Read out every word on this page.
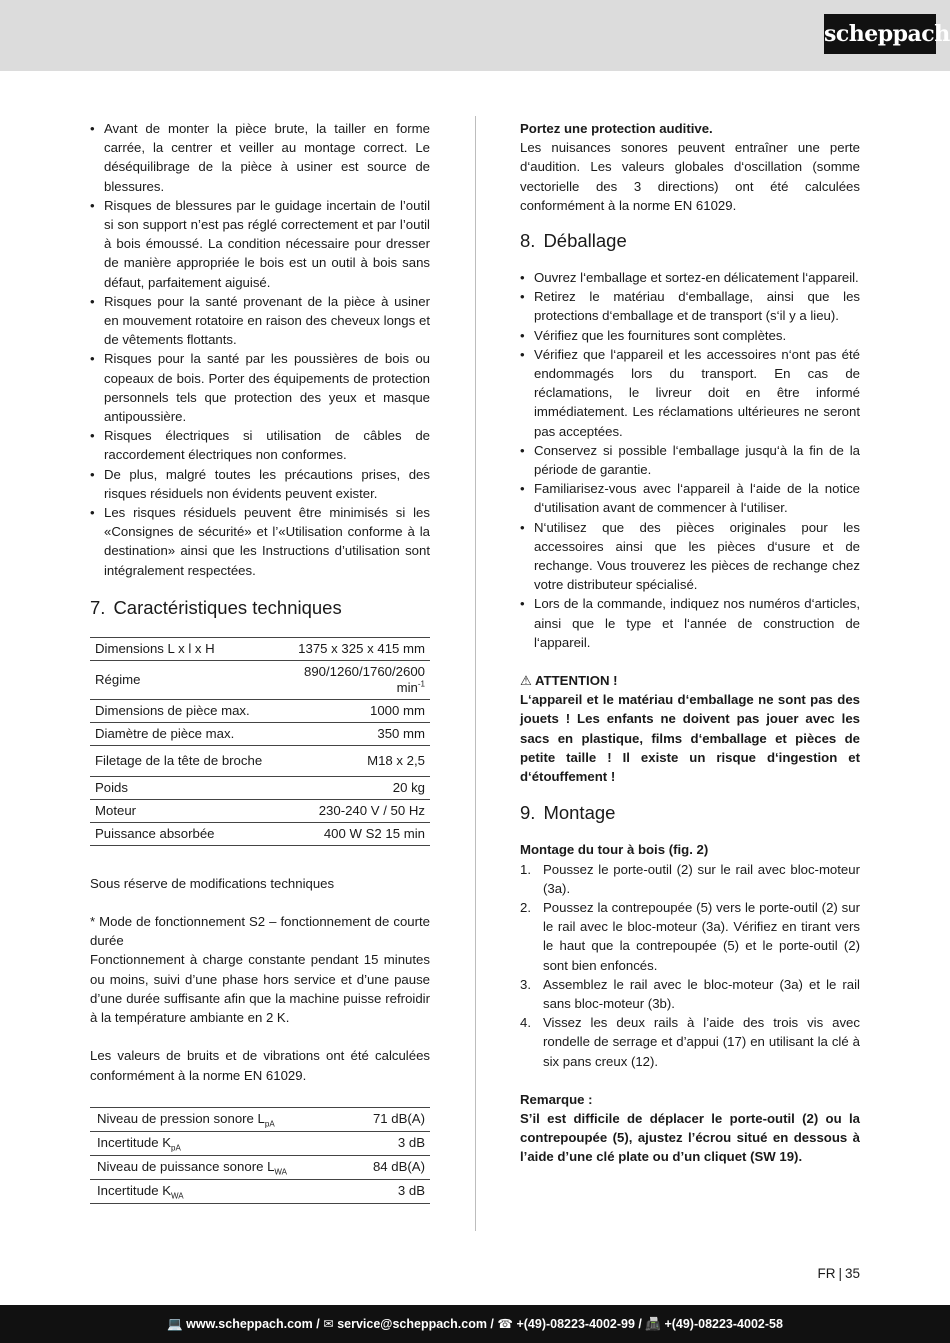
scheppach
• Avant de monter la pièce brute, la tailler en forme carrée, la centrer et veiller au montage correct. Le déséquilibrage de la pièce à usiner est source de blessures.
• Risques de blessures par le guidage incertain de l’outil si son support n’est pas réglé correctement et par l’outil à bois émoussé. La condition nécessaire pour dresser de manière appropriée le bois est un outil à bois sans défaut, parfaitement aiguisé.
• Risques pour la santé provenant de la pièce à usiner en mouvement rotatoire en raison des cheveux longs et de vêtements flottants.
• Risques pour la santé par les poussières de bois ou copeaux de bois. Porter des équipements de protection personnels tels que protection des yeux et masque antipoussière.
• Risques électriques si utilisation de câbles de raccordement électriques non conformes.
• De plus, malgré toutes les précautions prises, des risques résiduels non évidents peuvent exister.
• Les risques résiduels peuvent être minimisés si les «Consignes de sécurité» et l’«Utilisation conforme à la destination» ainsi que les Instructions d’utilisation sont intégralement respectées.
7. Caractéristiques techniques
Dimensions L x l x H	1375 x 325 x 415 mm
Régime	890/1260/1760/2600
$\min^{-1}$
Dimensions de pièce max.	1000 mm
Diamètre de pièce max.	350 mm
Filetage de la tête de broche	M18 x 2,5
Poids	20 kg
Moteur	230-240 V / 50 Hz
Puissance absorbée	400 W S2 15 min

Sous réserve de modifications techniques

* Mode de fonctionnement S2 – fonctionnement de courte durée

Fonctionnement à charge constante pendant 15 minutes ou moins, suivi d’une phase hors service et d’une pause d’une durée suffisante afin que la machine puisse refroidir à la température ambiante en 2 K.

Les valeurs de bruits et de vibrations ont été calculées conformément à la norme EN 61029.

Niveau de pression sonore $L_{pA}$	71 dB(A)
Incertitude $K_{pA}$	3 dB
Niveau de puissance sonore $L_{WA}$	84 dB(A)
Incertitude $K_{WA}$	3 dB

Portez une protection auditive.

Les nuisances sonores peuvent entraîner une perte d‘audition. Les valeurs globales d‘oscillation (somme vectorielle des 3 directions) ont été calculées conformément à la norme EN 61029.

8. Déballage
• Ouvrez l‘emballage et sortez-en délicatement l‘appareil.
• Retirez le matériau d‘emballage, ainsi que les protections d‘emballage et de transport (s‘il y a lieu).
• Vérifiez que les fournitures sont complètes.
• Vérifiez que l‘appareil et les accessoires n‘ont pas été endommagés lors du transport. En cas de réclamations, le livreur doit en être informé immédiatement. Les réclamations ultérieures ne seront pas acceptées.
• Conservez si possible l‘emballage jusqu‘à la fin de la période de garantie.
• Familiarisez-vous avec l‘appareil à l‘aide de la notice d‘utilisation avant de commencer à l‘utiliser.
• N‘utilisez que des pièces originales pour les accessoires ainsi que les pièces d‘usure et de rechange. Vous trouverez les pièces de rechange chez votre distributeur spécialisé.
• Lors de la commande, indiquez nos numéros d‘articles, ainsi que le type et l‘année de construction de l‘appareil.

⚠ ATTENTION !

L‘appareil et le matériau d‘emballage ne sont pas des jouets ! Les enfants ne doivent pas jouer avec les sacs en plastique, films d‘emballage et pièces de petite taille ! Il existe un risque d‘ingestion et d‘étouffement !

9. Montage

Montage du tour à bois (fig. 2)

1. Poussez le porte-outil (2) sur le rail avec bloc-moteur (3a).
2. Poussez la contrepoupée (5) vers le porte-outil (2) sur le rail avec le bloc-moteur (3a). Vérifiez en tirant vers le haut que la contrepoupée (5) et le porte-outil (2) sont bien enfoncés.
3. Assemblez le rail avec le bloc-moteur (3a) et le rail sans bloc-moteur (3b).
4. Vissez les deux rails à l’aide des trois vis avec rondelle de serrage et d’appui (17) en utilisant la clé à six pans creux (12).

Remarque :

S’il est difficile de déplacer le porte-outil (2) ou la contrepoupée (5), ajustez l’écrou situé en dessous à l’aide d’une clé plate ou d’un cliquet (SW 19).

FR | 35
💻 www.scheppach.com / ✉ service@scheppach.com / ☎ +(49)-08223-4002-99 / 📠 +(49)-08223-4002-58
